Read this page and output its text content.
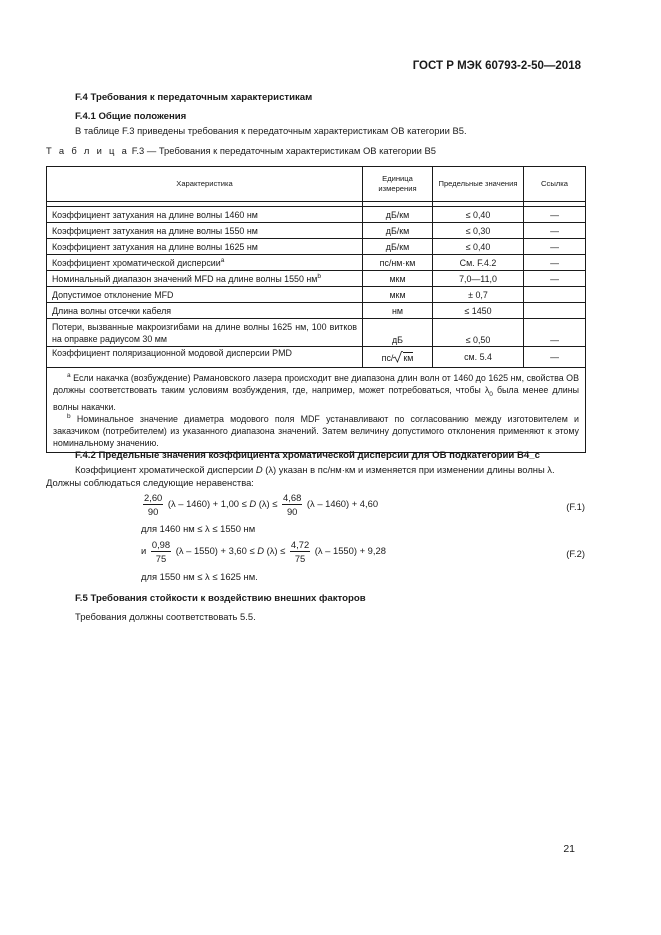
ГОСТ Р МЭК 60793-2-50—2018
F.4 Требования к передаточным характеристикам
F.4.1 Общие положения
В таблице F.3 приведены требования к передаточным характеристикам ОВ категории В5.
Т а б л и ц а F.3 — Требования к передаточным характеристикам ОВ категории В5
Характеристика	Единица измерения	Предельные значения	Ссылка

Коэффициент затухания на длине волны 1460 нм	дБ/км	≤ 0,40	—
Коэффициент затухания на длине волны 1550 нм	дБ/км	≤ 0,30	—
Коэффициент затухания на длине волны 1625 нм	дБ/км	≤ 0,40	—
Коэффициент хроматической дисперсии$^а$	пс/нм·км	См. F.4.2	—
Номинальный диапазон значений MFD на длине волны 1550 $нм^b$	мкм	7,0—11,0	—
Допустимое отклонение MFD	мкм	± 0,7	
Длина волны отсечки кабеля	нм	≤ 1450	
Потери, вызванные макроизгибами на длине волны 1625 нм, 100 витков на оправке радиусом 30 мм	дБ	≤ 0,50	—
Коэффициент поляризационной модовой дисперсии PMD	пс/ км	см. 5.4	—

$^а$ Если накачка (возбуждение) Рамановского лазера происходит вне диапазона длин волн от 1460 до 1625 нм, свойства ОВ должны соответствовать таким условиям возбуждения, где, например, может потребоваться, чтобы $\lambda_0$ была менее длины волны накачки.
$^b$ Номинальное значение диаметра модового поля MDF устанавливают по согласованию между изготовителем и заказчиком (потребителем) из указанного диапазона значений. Затем величину допустимого отклонения применяют к этому номинальному значению.			
F.4.2 Предельные значения коэффициента хроматической дисперсии для ОВ подкатегории В4_с
Коэффициент хроматической дисперсии D (λ) указан в пс/нм·км и изменяется при изменении длины волны λ.
Должны соблюдаться следующие неравенства:
$\frac{2,60}{90} (\lambda - 1460) + 1,00 \le D$ $(\lambda) \le \frac{4,68}{90} (\lambda - 1460) + 4,60$	(F.1)
для 1460 нм ≤ λ ≤ 1550 нм
и $\frac{0,98}{75} (\lambda - 1550) + 3,60 \le D$ $(\lambda) \le \frac{4,72}{75} (\lambda - 1550) + 9,28$	(F.2)
для 1550 нм ≤ λ ≤ 1625 нм.
F.5 Требования стойкости к воздействию внешних факторов
Требования должны соответствовать 5.5.
21
